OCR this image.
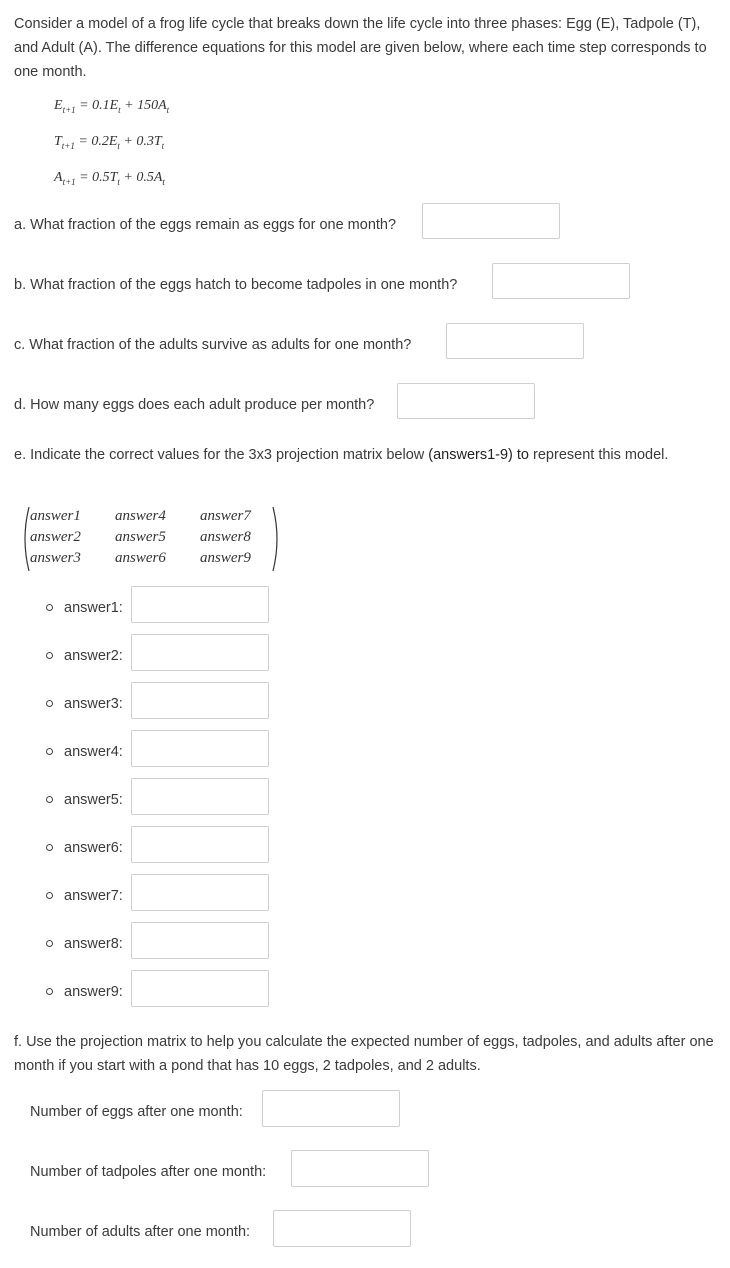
Consider a model of a frog life cycle that breaks down the life cycle into three phases: Egg (E), Tadpole (T), and Adult (A). The difference equations for this model are given below, where each time step corresponds to one month.
$E_{t+1} = 0.1E_t + 150A_t$
$T_{t+1} = 0.2E_t + 0.3T_t$
$A_{t+1} = 0.5T_t + 0.5A_t$
a. What fraction of the eggs remain as eggs for one month?
b. What fraction of the eggs hatch to become tadpoles in one month?
c. What fraction of the adults survive as adults for one month?
d. How many eggs does each adult produce per month?
e. Indicate the correct values for the 3x3 projection matrix below (answers1-9) to represent this model.
answer1 answer4 answer7
answer2 answer5 answer8
answer3 answer6 answer9
answer1:
answer2:
answer3:
answer4:
answer5:
answer6:
answer7:
answer8:
answer9:
f. Use the projection matrix to help you calculate the expected number of eggs, tadpoles, and adults after one month if you start with a pond that has 10 eggs, 2 tadpoles, and 2 adults.
Number of eggs after one month:
Number of tadpoles after one month:
Number of adults after one month:
